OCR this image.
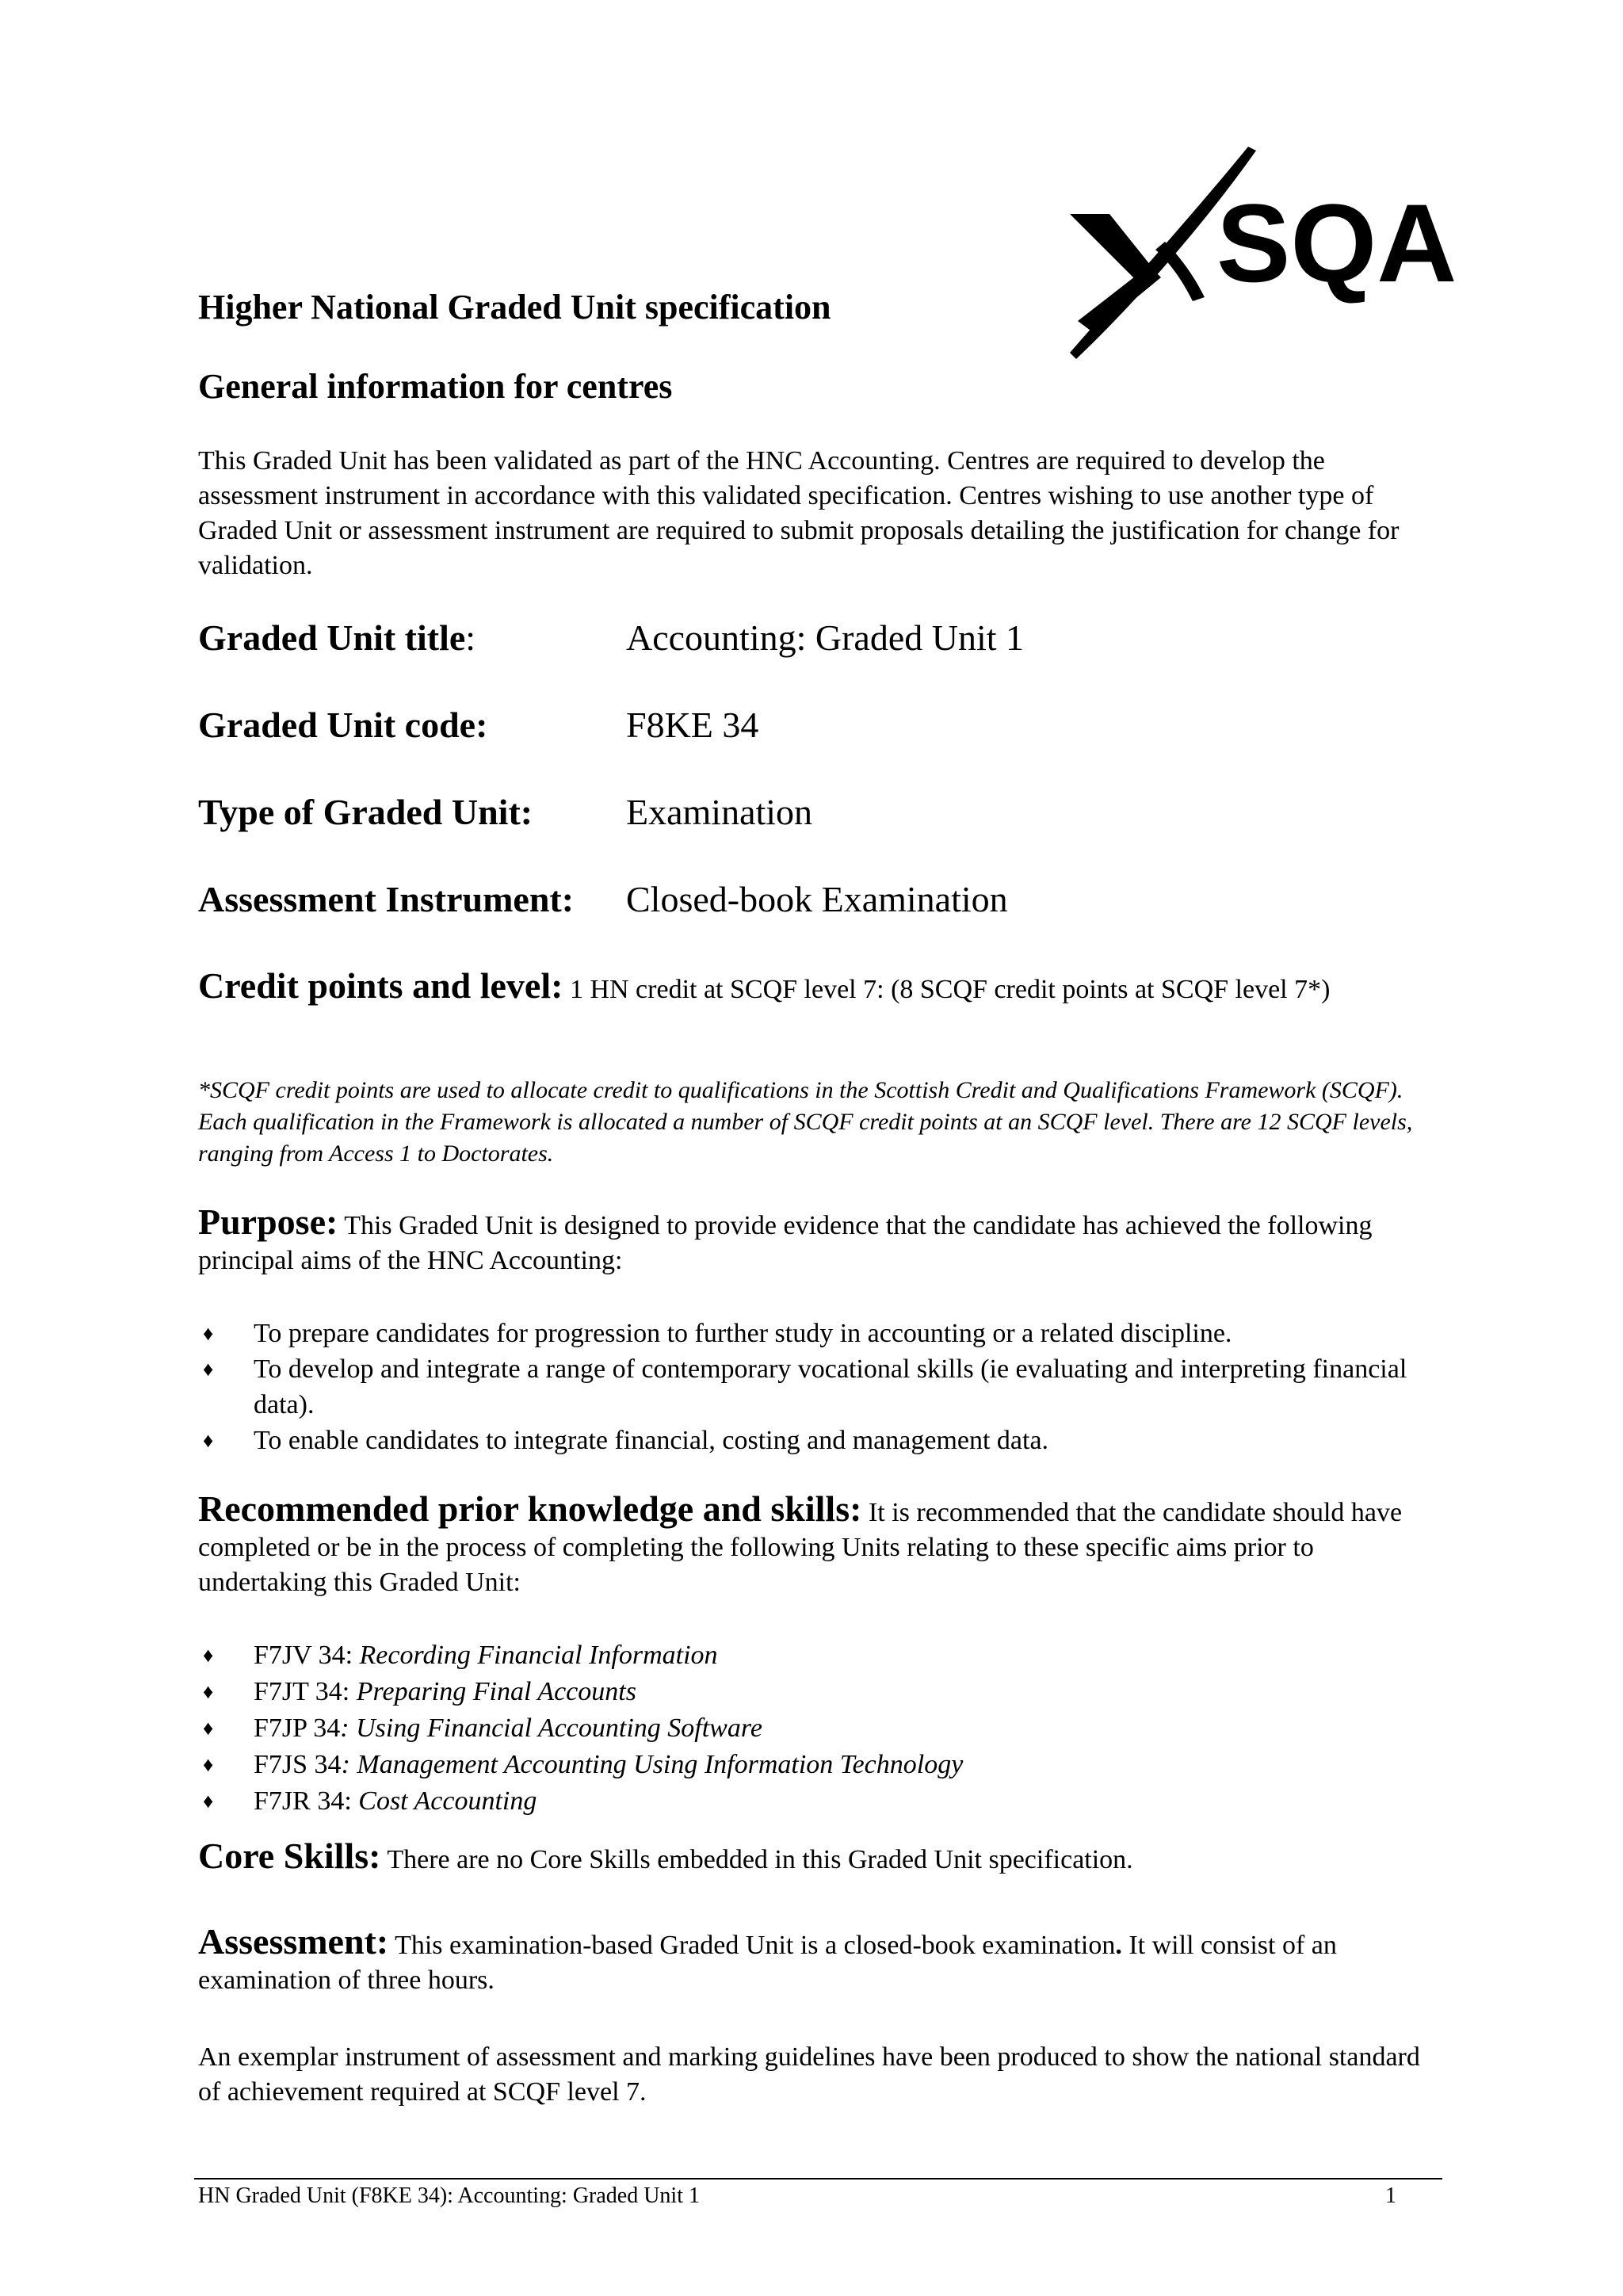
SQA
Higher National Graded Unit specification
General information for centres
This Graded Unit has been validated as part of the HNC Accounting. Centres are required to develop the assessment instrument in accordance with this validated specification. Centres wishing to use another type of Graded Unit or assessment instrument are required to submit proposals detailing the justification for change for validation.
Graded Unit title:	Accounting: Graded Unit 1
Graded Unit code:	F8KE 34
Type of Graded Unit:	Examination
Assessment Instrument: Closed-book Examination
Credit points and level: 1 HN credit at SCQF level 7: (8 SCQF credit points at SCQF level 7*)
*SCQF credit points are used to allocate credit to qualifications in the Scottish Credit and Qualifications Framework (SCQF). Each qualification in the Framework is allocated a number of SCQF credit points at an SCQF level. There are 12 SCQF levels, ranging from Access 1 to Doctorates.
Purpose: This Graded Unit is designed to provide evidence that the candidate has achieved the following principal aims of the HNC Accounting:
♦ To prepare candidates for progression to further study in accounting or a related discipline.
♦ To develop and integrate a range of contemporary vocational skills (ie evaluating and interpreting financial data).
♦ To enable candidates to integrate financial, costing and management data.
Recommended prior knowledge and skills: It is recommended that the candidate should have completed or be in the process of completing the following Units relating to these specific aims prior to undertaking this Graded Unit:
♦ F7JV 34: Recording Financial Information
♦ F7JT 34: Preparing Final Accounts
♦ F7JP 34: Using Financial Accounting Software
♦ F7JS 34: Management Accounting Using Information Technology
♦ F7JR 34: Cost Accounting
Core Skills: There are no Core Skills embedded in this Graded Unit specification.
Assessment: This examination-based Graded Unit is a closed-book examination. It will consist of an examination of three hours.
An exemplar instrument of assessment and marking guidelines have been produced to show the national standard of achievement required at SCQF level 7.
HN Graded Unit (F8KE 34): Accounting: Graded Unit 1	1
